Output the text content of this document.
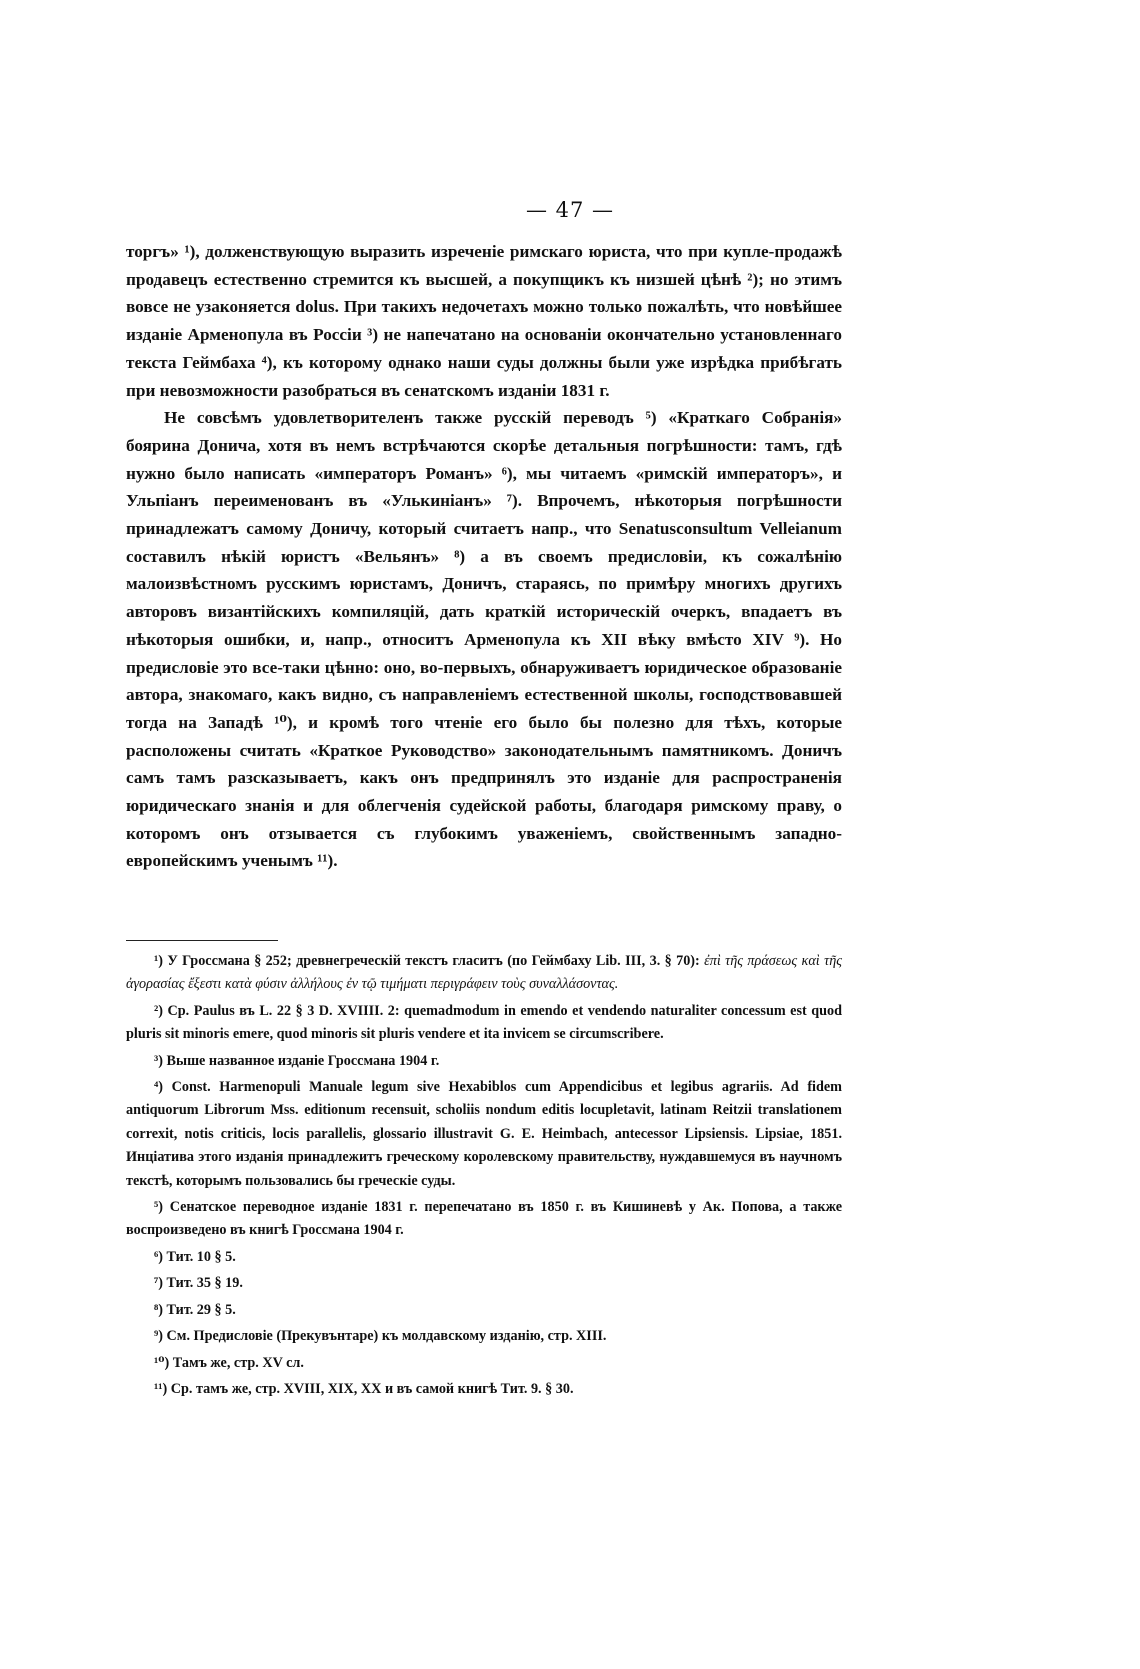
— 47 —

торгъ» ¹), долженствующую выразить изреченіе римскаго юриста, что при купле-продажѣ продавецъ естественно стремится къ высшей, а покупщикъ къ низшей цѣнѣ ²); но этимъ вовсе не узаконяется dolus. При такихъ недочетахъ можно только пожалѣть, что новѣйшее изданіе Арменопула въ Россіи ³) не напечатано на основаніи окончательно установленнаго текста Геймбаха ⁴), къ которому однако наши суды должны были уже изрѣдка прибѣгать при невозможности разобраться въ сенатскомъ изданіи 1831 г.

Не совсѣмъ удовлетворителенъ также русскій переводъ ⁵) «Краткаго Собранія» боярина Донича, хотя въ немъ встрѣчаются скорѣе детальныя погрѣшности: тамъ, гдѣ нужно было написать «императоръ Романъ» ⁶), мы читаемъ «римскій императоръ», и Ульпіанъ переименованъ въ «Улькиніанъ» ⁷). Впрочемъ, нѣкоторыя погрѣшности принадлежатъ самому Доничу, который считаетъ напр., что Senatusconsultum Velleianum составилъ нѣкій юристъ «Вельянъ» ⁸) а въ своемъ предисловіи, къ сожалѣнію малоизвѣстномъ русскимъ юристамъ, Доничъ, стараясь, по примѣру многихъ другихъ авторовъ византійскихъ компиляцій, дать краткій историческій очеркъ, впадаетъ въ нѣкоторыя ошибки, и, напр., относитъ Арменопула къ XII вѣку вмѣсто XIV ⁹). Но предисловіе это все-таки цѣнно: оно, во-первыхъ, обнаруживаетъ юридическое образованіе автора, знакомаго, какъ видно, съ направленіемъ естественной школы, господствовавшей тогда на Западѣ ¹⁰), и кромѣ того чтеніе его было бы полезно для тѣхъ, которые расположены считать «Краткое Руководство» законодательнымъ памятникомъ. Доничъ самъ тамъ разсказываетъ, какъ онъ предпринялъ это изданіе для распространенія юридическаго знанія и для облегченія судейской работы, благодаря римскому праву, о которомъ онъ отзывается съ глубокимъ уваженіемъ, свойственнымъ западно-европейскимъ ученымъ ¹¹).

¹) У Гроссмана § 252; древнегреческій текстъ гласитъ (по Геймбаху Lib. III, 3. § 70): ἐπὶ τῆς πράσεως καὶ τῆς ἀγορασίας ἔξεστι κατὰ φύσιν ἀλλήλους ἐν τῷ τιμήματι περιγράφειν τοὺς συναλλάσοντας.

²) Cp. Paulus въ L. 22 § 3 D. XVIIII. 2: quemadmodum in emendo et vendendo naturaliter concessum est quod pluris sit minoris emere, quod minoris sit pluris vendere et ita invicem se circumscribere.

³) Выше названное изданіе Гроссмана 1904 г.

⁴) Const. Harmenopuli Manuale legum sive Hexabiblos cum Appendicibus et legibus agrariis. Ad fidem antiquorum Librorum Mss. editionum recensuit, scholiis nondum editis locupletavit, latinam Reitzii translationem correxit, notis criticis, locis parallelis, glossario illustravit G. E. Heimbach, antecessor Lipsiensis. Lipsiae, 1851. Инціатива этого изданія принадлежитъ греческому королевскому правительству, нуждавшемуся въ научномъ текстѣ, которымъ пользовались бы греческіе суды.

⁵) Сенатское переводное изданіе 1831 г. перепечатано въ 1850 г. въ Кишиневѣ у Ак. Попова, а также воспроизведено въ книгѣ Гроссмана 1904 г.

⁶) Тит. 10 § 5.

⁷) Тит. 35 § 19.

⁸) Тит. 29 § 5.

⁹) См. Предисловіе (Прекувънтаре) къ молдавскому изданію, стр. XIII.

¹⁰) Тамъ же, стр. XV сл.

¹¹) Ср. тамъ же, стр. XVIII, XIX, XX и въ самой книгѣ Тит. 9. § 30.
